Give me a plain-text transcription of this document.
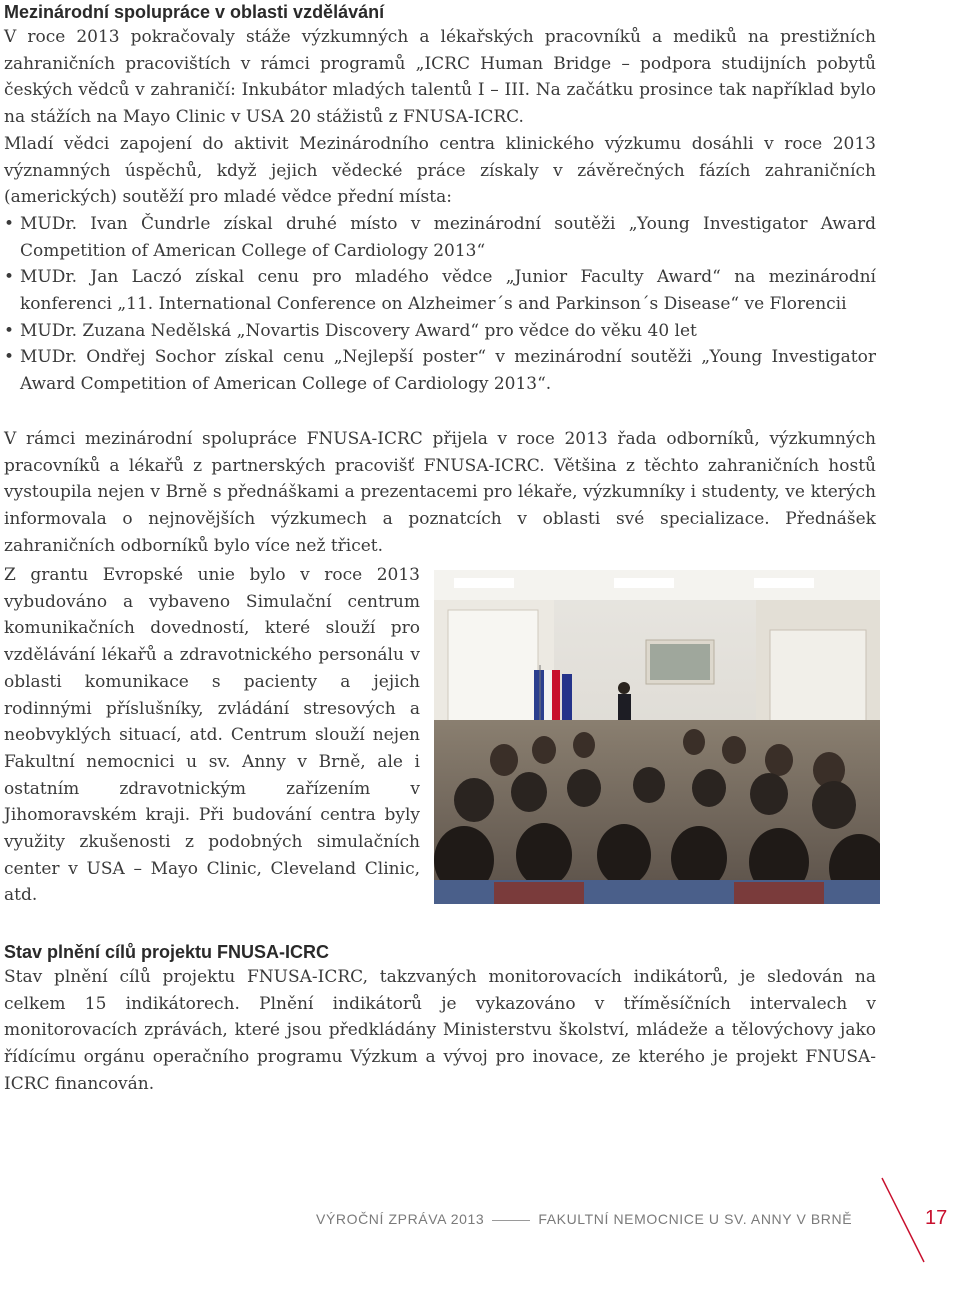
Mezinárodní spolupráce v oblasti vzdělávání

V roce 2013 pokračovaly stáže výzkumných a lékařských pracovníků a mediků na prestižních zahraničních pracovištích v rámci programů „ICRC Human Bridge – podpora studijních pobytů českých vědců v zahraničí: Inkubátor mladých talentů I – III. Na začátku prosince tak například bylo na stážích na Mayo Clinic v USA 20 stážistů z FNUSA-ICRC.

Mladí vědci zapojení do aktivit Mezinárodního centra klinického výzkumu dosáhli v roce 2013 významných úspěchů, když jejich vědecké práce získaly v závěrečných fázích zahraničních (amerických) soutěží pro mladé vědce přední místa:

• MUDr. Ivan Čundrle získal druhé místo v mezinárodní soutěži „Young Investigator Award Competition of American College of Cardiology 2013“
• MUDr. Jan Laczó získal cenu pro mladého vědce „Junior Faculty Award“ na mezinárodní konferenci „11. International Conference on Alzheimer´s and Parkinson´s Disease“ ve Florencii
• MUDr. Zuzana Nedělská „Novartis Discovery Award“ pro vědce do věku 40 let
• MUDr. Ondřej Sochor získal cenu „Nejlepší poster“ v mezinárodní soutěži „Young Investigator Award Competition of American College of Cardiology 2013“.

V rámci mezinárodní spolupráce FNUSA-ICRC přijela v roce 2013 řada odborníků, výzkumných pracovníků a lékařů z partnerských pracovišť FNUSA-ICRC. Většina z těchto zahraničních hostů vystoupila nejen v Brně s přednáškami a prezentacemi pro lékaře, výzkumníky i studenty, ve kterých informovala o nejnovějších výzkumech a poznatcích v oblasti své specializace. Přednášek zahraničních odborníků bylo více než třicet.

Z grantu Evropské unie bylo v roce 2013 vybudováno a vybaveno Simulační centrum komunikačních dovedností, které slouží pro vzdělávání lékařů a zdravotnického personálu v oblasti komunikace s pacienty a jejich rodinnými příslušníky, zvládání stresových a neobvyklých situací, atd. Centrum slouží nejen Fakultní nemocnici u sv. Anny v Brně, ale i ostatním zdravotnickým zařízením v Jihomoravském kraji. Při budování centra byly využity zkušenosti z podobných simulačních center v USA – Mayo Clinic, Cleveland Clinic, atd.

Stav plnění cílů projektu FNUSA-ICRC

Stav plnění cílů projektu FNUSA-ICRC, takzvaných monitorovacích indikátorů, je sledován na celkem 15 indikátorech. Plnění indikátorů je vykazováno v tříměsíčních intervalech v monitorovacích zprávách, které jsou předkládány Ministerstvu školství, mládeže a tělovýchovy jako řídícímu orgánu operačního programu Výzkum a vývoj pro inovace, ze kterého je projekt FNUSA-ICRC financován.

VÝROČNÍ ZPRÁVA 2013	FAKULTNÍ NEMOCNICE U SV. ANNY V BRNĚ	17
